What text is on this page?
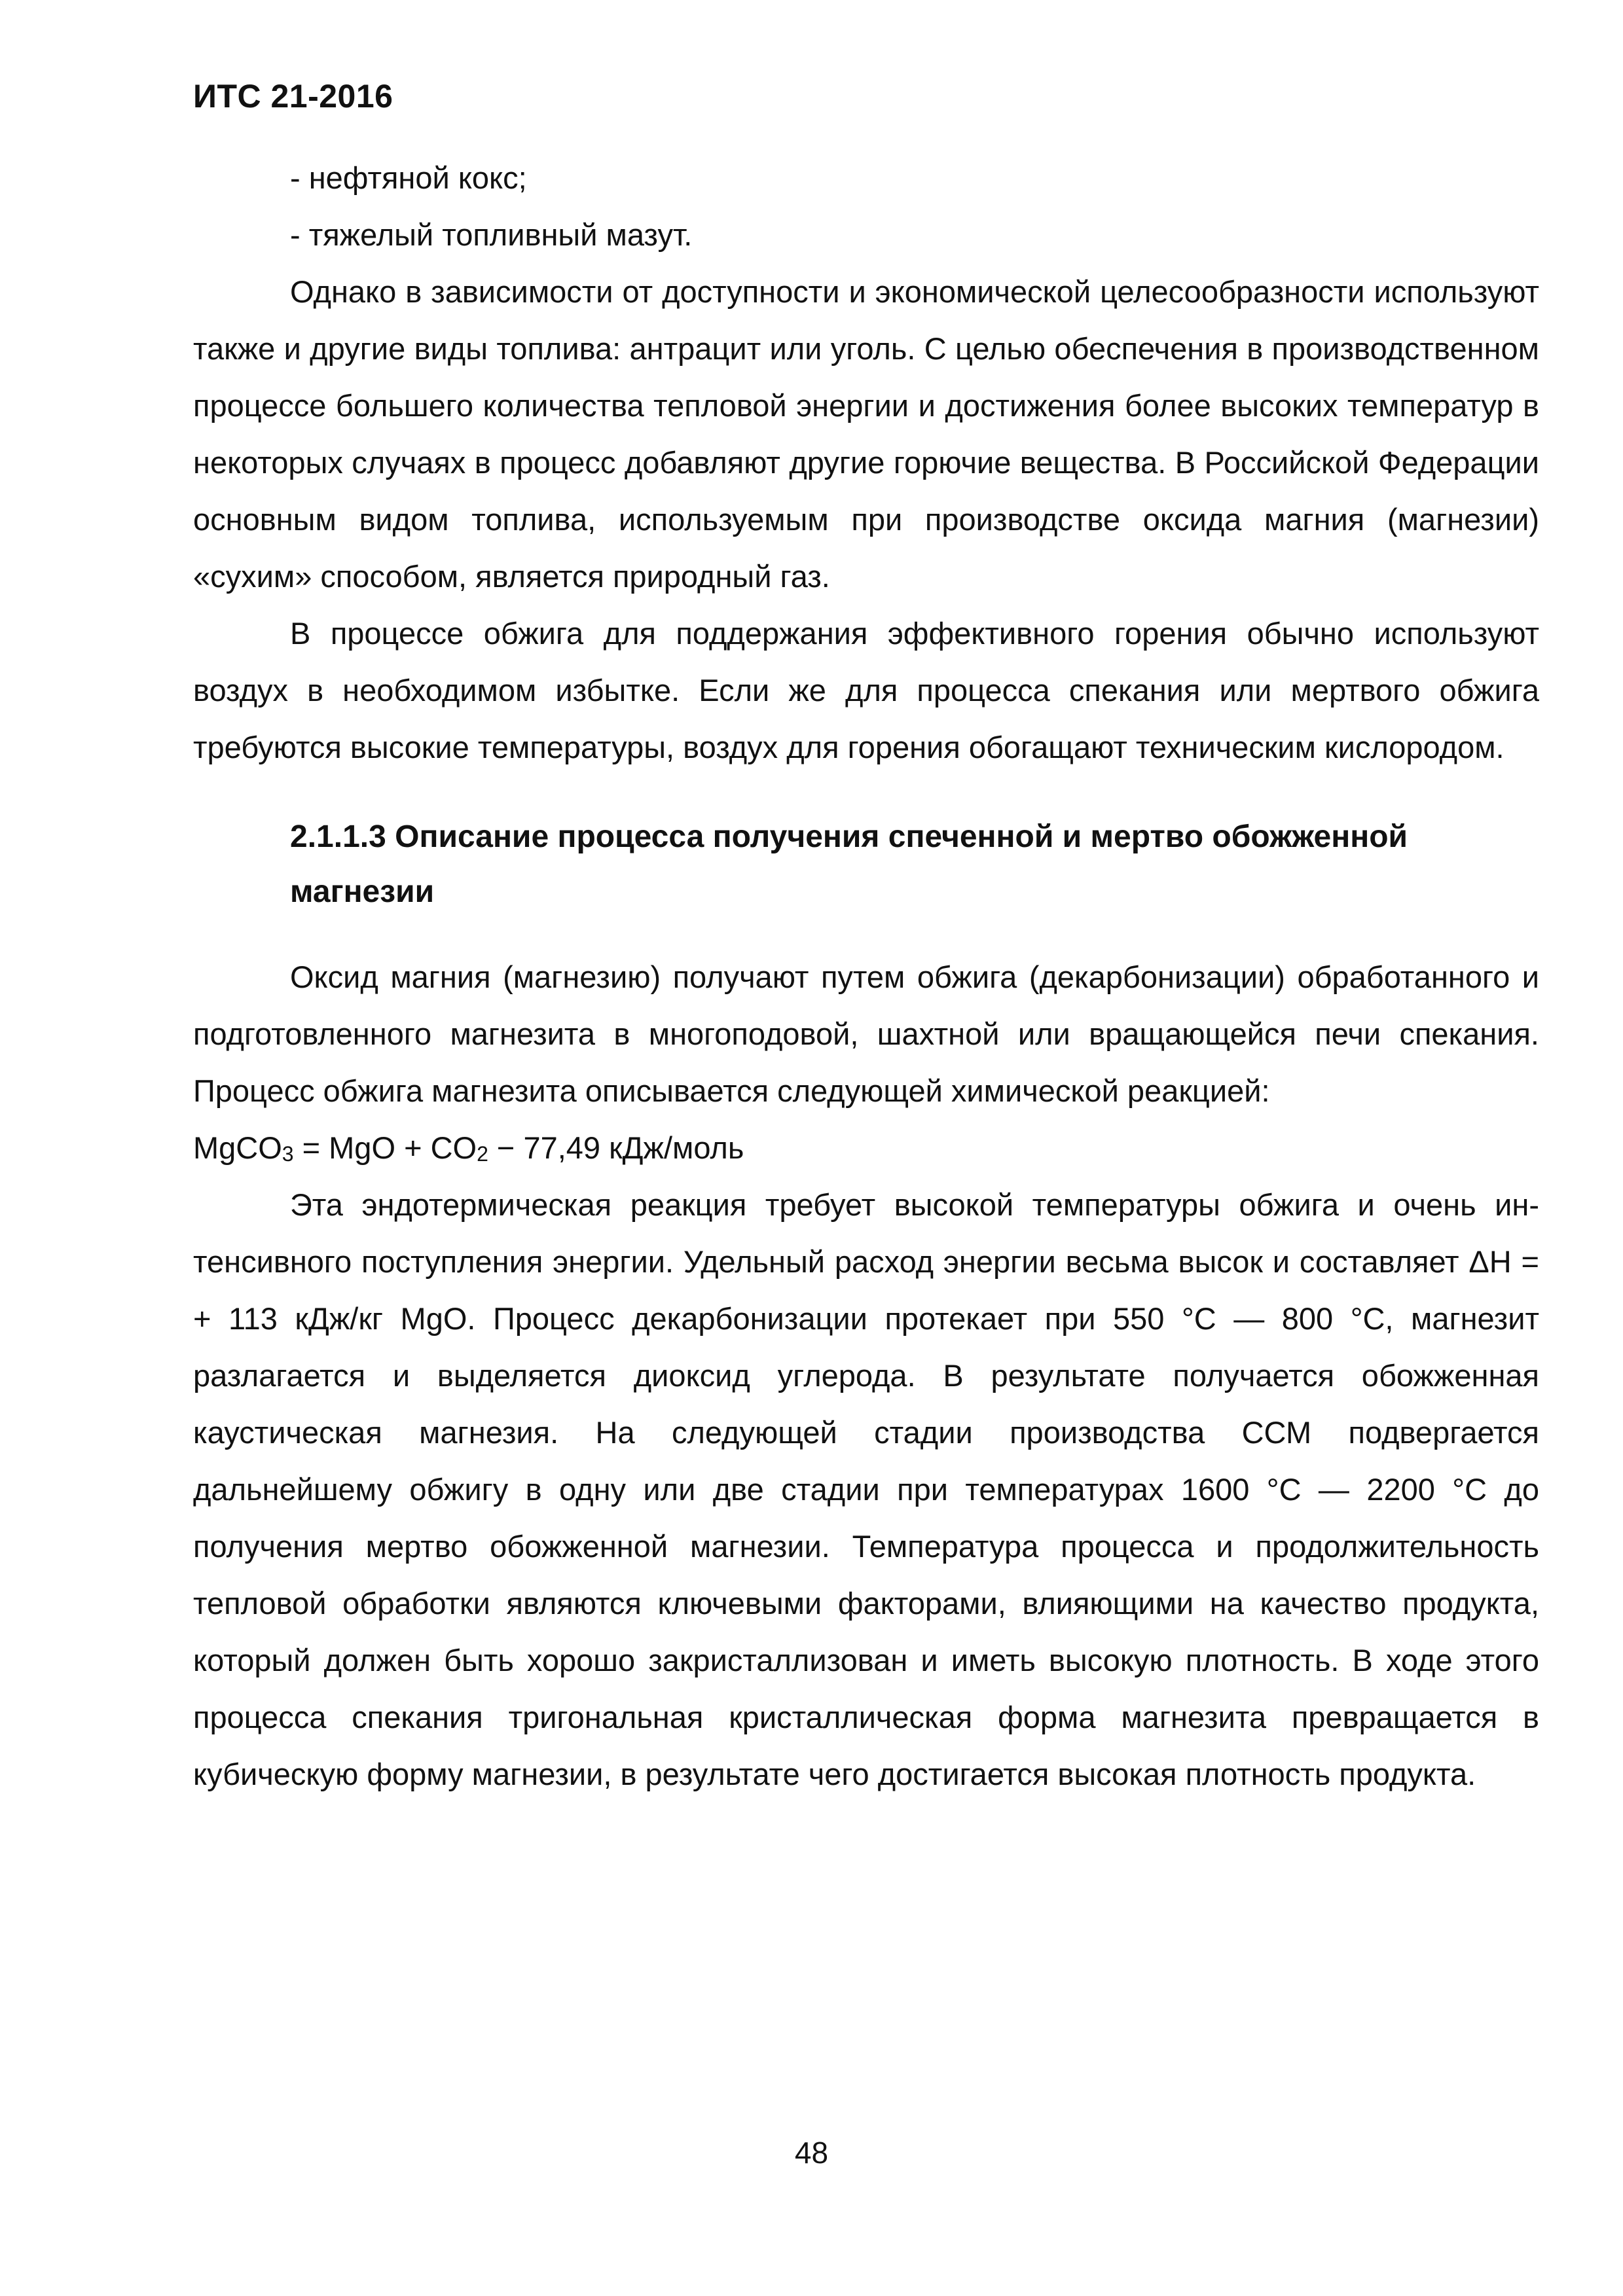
ИТС 21-2016

- нефтяной кокс;

- тяжелый топливный мазут.

Однако в зависимости от доступности и экономической целесообразности используют также и другие виды топлива: антрацит или уголь. С целью обеспечения в производственном процессе большего количества тепловой энергии и достижения более высоких температур в некоторых случаях в процесс добавляют другие горючие вещества. В Российской Федерации основным видом топлива, используемым при производстве оксида магния (магнезии) «сухим» способом, является природный газ.

В процессе обжига для поддержания эффективного горения обычно используют воздух в необходимом избытке. Если же для процесса спекания или мертвого обжига требуются высокие температуры, воздух для горения обогащают техническим кислородом.

2.1.1.3 Описание процесса получения спеченной и мертво обожженной магнезии

Оксид магния (магнезию) получают путем обжига (декарбонизации) обработанного и подготовленного магнезита в многоподовой, шахтной или вращающейся печи спекания. Процесс обжига магнезита описывается следующей химической реакцией:

MgCO$_3$ = MgO + $CO_2 - 77,49$ кДж/моль

Эта эндотермическая реакция требует высокой температуры обжига и очень интенсивного поступления энергии. Удельный расход энергии весьма высок и составляет ΔH = + 113 кДж/кг MgO. Процесс декарбонизации протекает при 550 °С — 800 °С, магнезит разлагается и выделяется диоксид углерода. В результате получается обожженная каустическая магнезия. На следующей стадии производства ССМ подвергается дальнейшему обжигу в одну или две стадии при температурах 1600 °С — 2200 °С до получения мертво обожженной магнезии. Температура процесса и продолжительность тепловой обработки являются ключевыми факторами, влияющими на качество продукта, который должен быть хорошо закристаллизован и иметь высокую плотность. В ходе этого процесса спекания тригональная кристаллическая форма магнезита превращается в кубическую форму магнезии, в результате чего достигается высокая плотность продукта.

48
